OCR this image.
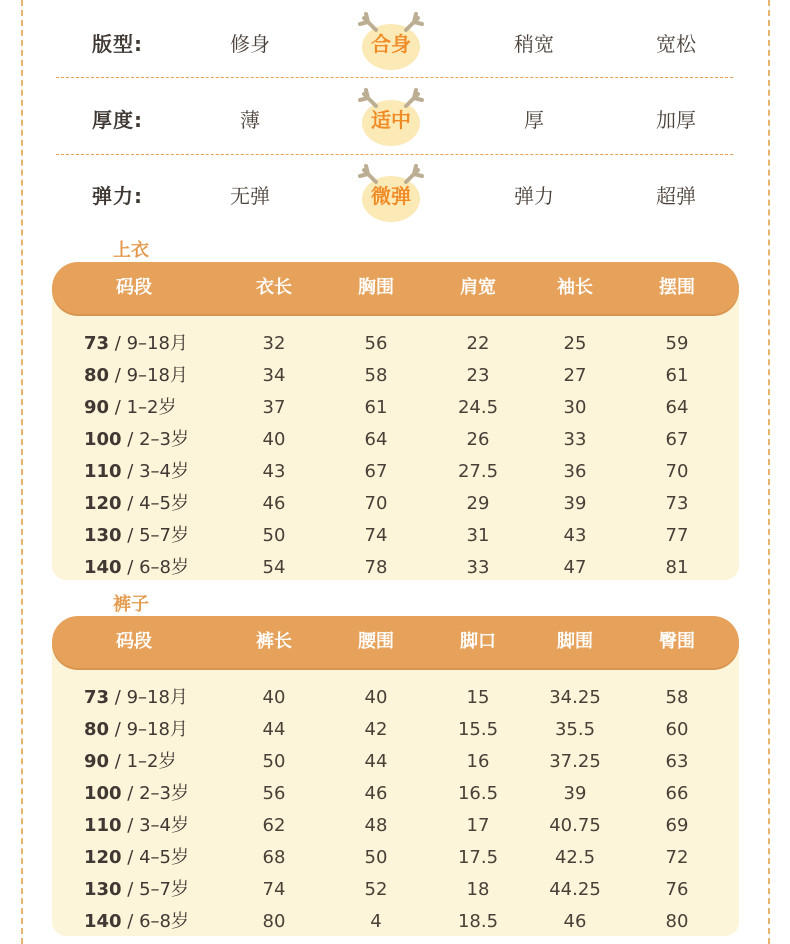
版型:	修身	合身	稍宽	宽松
厚度:	薄	适中	厚	加厚
弹力:	无弹	微弹	弹力	超弹
上衣
码段	衣长	胸围	肩宽	袖长	摆围
73 / 9–18月	32	56	22	25	59
80 / 9–18月	34	58	23	27	61
90 / 1–2岁	37	61	24.5	30	64
100 / 2–3岁	40	64	26	33	67
110 / 3–4岁	43	67	27.5	36	70
120 / 4–5岁	46	70	29	39	73
130 / 5–7岁	50	74	31	43	77
140 / 6–8岁	54	78	33	47	81
裤子
码段	裤长	腰围	脚口	脚围	臀围
73 / 9–18月	40	40	15	34.25	58
80 / 9–18月	44	42	15.5	35.5	60
90 / 1–2岁	50	44	16	37.25	63
100 / 2–3岁	56	46	16.5	39	66
110 / 3–4岁	62	48	17	40.75	69
120 / 4–5岁	68	50	17.5	42.5	72
130 / 5–7岁	74	52	18	44.25	76
140 / 6–8岁	80	4	18.5	46	80
